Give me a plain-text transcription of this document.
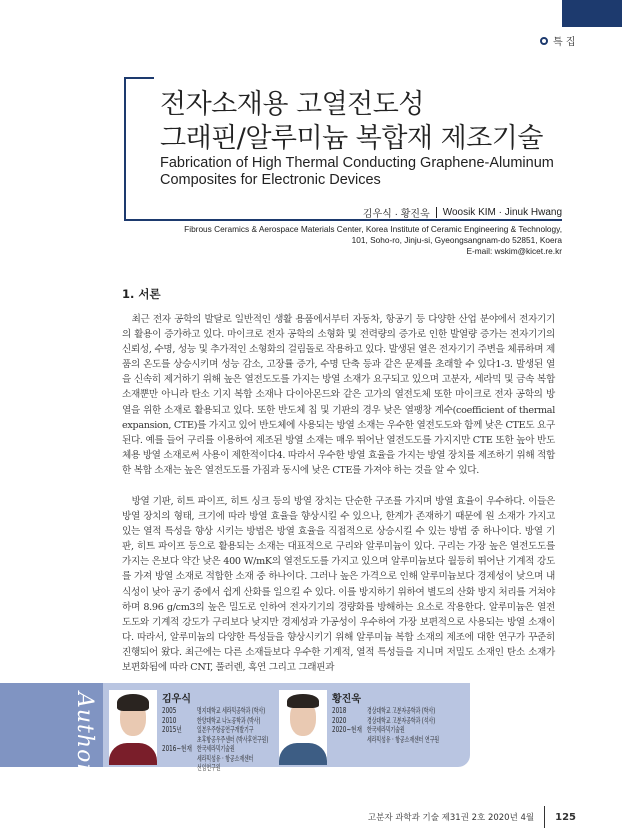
특 집
전자소재용 고열전도성
그래핀/알루미늄 복합재 제조기술
Fabrication of High Thermal Conducting Graphene-Aluminum Composites for Electronic Devices
김우식 · 황진욱 Woosik KIM · Jinuk Hwang
Fibrous Ceramics & Aerospace Materials Center, Korea Institute of Ceramic Engineering & Technology,
101, Soho-ro, Jinju-si, Gyeongsangnam-do 52851, Koera
E-mail: wskim@kicet.re.kr
1. 서론

최근 전자 공학의 발달로 일반적인 생활 용품에서부터 자동차, 항공기 등 다양한 산업 분야에서 전자기기의 활용이 증가하고 있다. 마이크로 전자 공학의 소형화 및 전력량의 증가로 인한 발열량 증가는 전자기기의 신뢰성, 수명, 성능 및 추가적인 소형화의 걸림돌로 작용하고 있다. 발생된 열은 전자기기 주변을 체류하며 제품의 온도를 상승시키며 성능 감소, 고장률 증가, 수명 단축 등과 같은 문제를 초래할 수 있다1-3. 발생된 열을 신속히 제거하기 위해 높은 열전도도를 가지는 방열 소재가 요구되고 있으며 고분자, 세라믹 및 금속 복합 소재뿐만 아니라 탄소 기지 복합 소재나 다이아몬드와 같은 고가의 열전도체 또한 마이크로 전자 공학의 방열을 위한 소재로 활용되고 있다. 또한 반도체 칩 및 기판의 경우 낮은 열팽창 계수(coefficient of thermal expansion, CTE)를 가지고 있어 반도체에 사용되는 방열 소재는 우수한 열전도도와 함께 낮은 CTE도 요구된다. 예를 들어 구리를 이용하여 제조된 방열 소재는 매우 뛰어난 열전도도를 가지지만 CTE 또한 높아 반도체용 방열 소재로써 사용이 제한적이다4. 따라서 우수한 방열 효율을 가지는 방열 장치를 제조하기 위해 적합한 복합 소재는 높은 열전도도를 가짐과 동시에 낮은 CTE를 가져야 하는 것을 알 수 있다.

방열 기판, 히트 파이프, 히트 싱크 등의 방열 장치는 단순한 구조를 가지며 방열 효율이 우수하다. 이들은 방열 장치의 형태, 크기에 따라 방열 효율을 향상시킬 수 있으나, 한계가 존재하기 때문에 원 소재가 가지고 있는 열적 특성을 향상 시키는 방법은 방열 효율을 직접적으로 상승시킬 수 있는 방법 중 하나이다. 방열 기판, 히트 파이프 등으로 활용되는 소재는 대표적으로 구리와 알루미늄이 있다. 구리는 가장 높은 열전도도를 가지는 은보다 약간 낮은 400 W/mK의 열전도도를 가지고 있으며 알루미늄보다 월등히 뛰어난 기계적 강도를 가져 방열 소재로 적합한 소재 중 하나이다. 그러나 높은 가격으로 인해 알루미늄보다 경제성이 낮으며 내식성이 낮아 공기 중에서 쉽게 산화를 일으킬 수 있다. 이를 방지하기 위하여 별도의 산화 방지 처리를 거쳐야 하며 8.96 g/cm3의 높은 밀도로 인하여 전자기기의 경량화를 방해하는 요소로 작용한다. 알루미늄은 열전도도와 기계적 강도가 구리보다 낮지만 경제성과 가공성이 우수하여 가장 보편적으로 사용되는 방열 소재이다. 따라서, 알루미늄의 다양한 특성들을 향상시키기 위해 알루미늄 복합 소재의 제조에 대한 연구가 꾸준히 진행되어 왔다. 최근에는 다른 소재들보다 우수한 기계적, 열적 특성들을 지니며 저밀도 소재인 탄소 소재가 보편화됨에 따라 CNT, 풀러렌, 흑연 그리고 그래핀과

Author	김우식
2005	명지대학교 세라믹공학과 (학사)
2010	한양대학교 나노공학과 (박사)
2015년	일본우주항공연구개발기구
초후항공우주센터 (박사후연구원)
2016~현재 한국세라믹기술원
세라믹섬유 · 항공소재센터
선임연구원
황진욱
2018	경상대학교 고분자공학과 (학사)
2020	경상대학교 고분자공학과 (석사)
2020~현재 한국세라믹기술원
세라믹섬유 · 항공소재센터 연구원
고분자 과학과 기술 제31권 2호 2020년 4월 125
